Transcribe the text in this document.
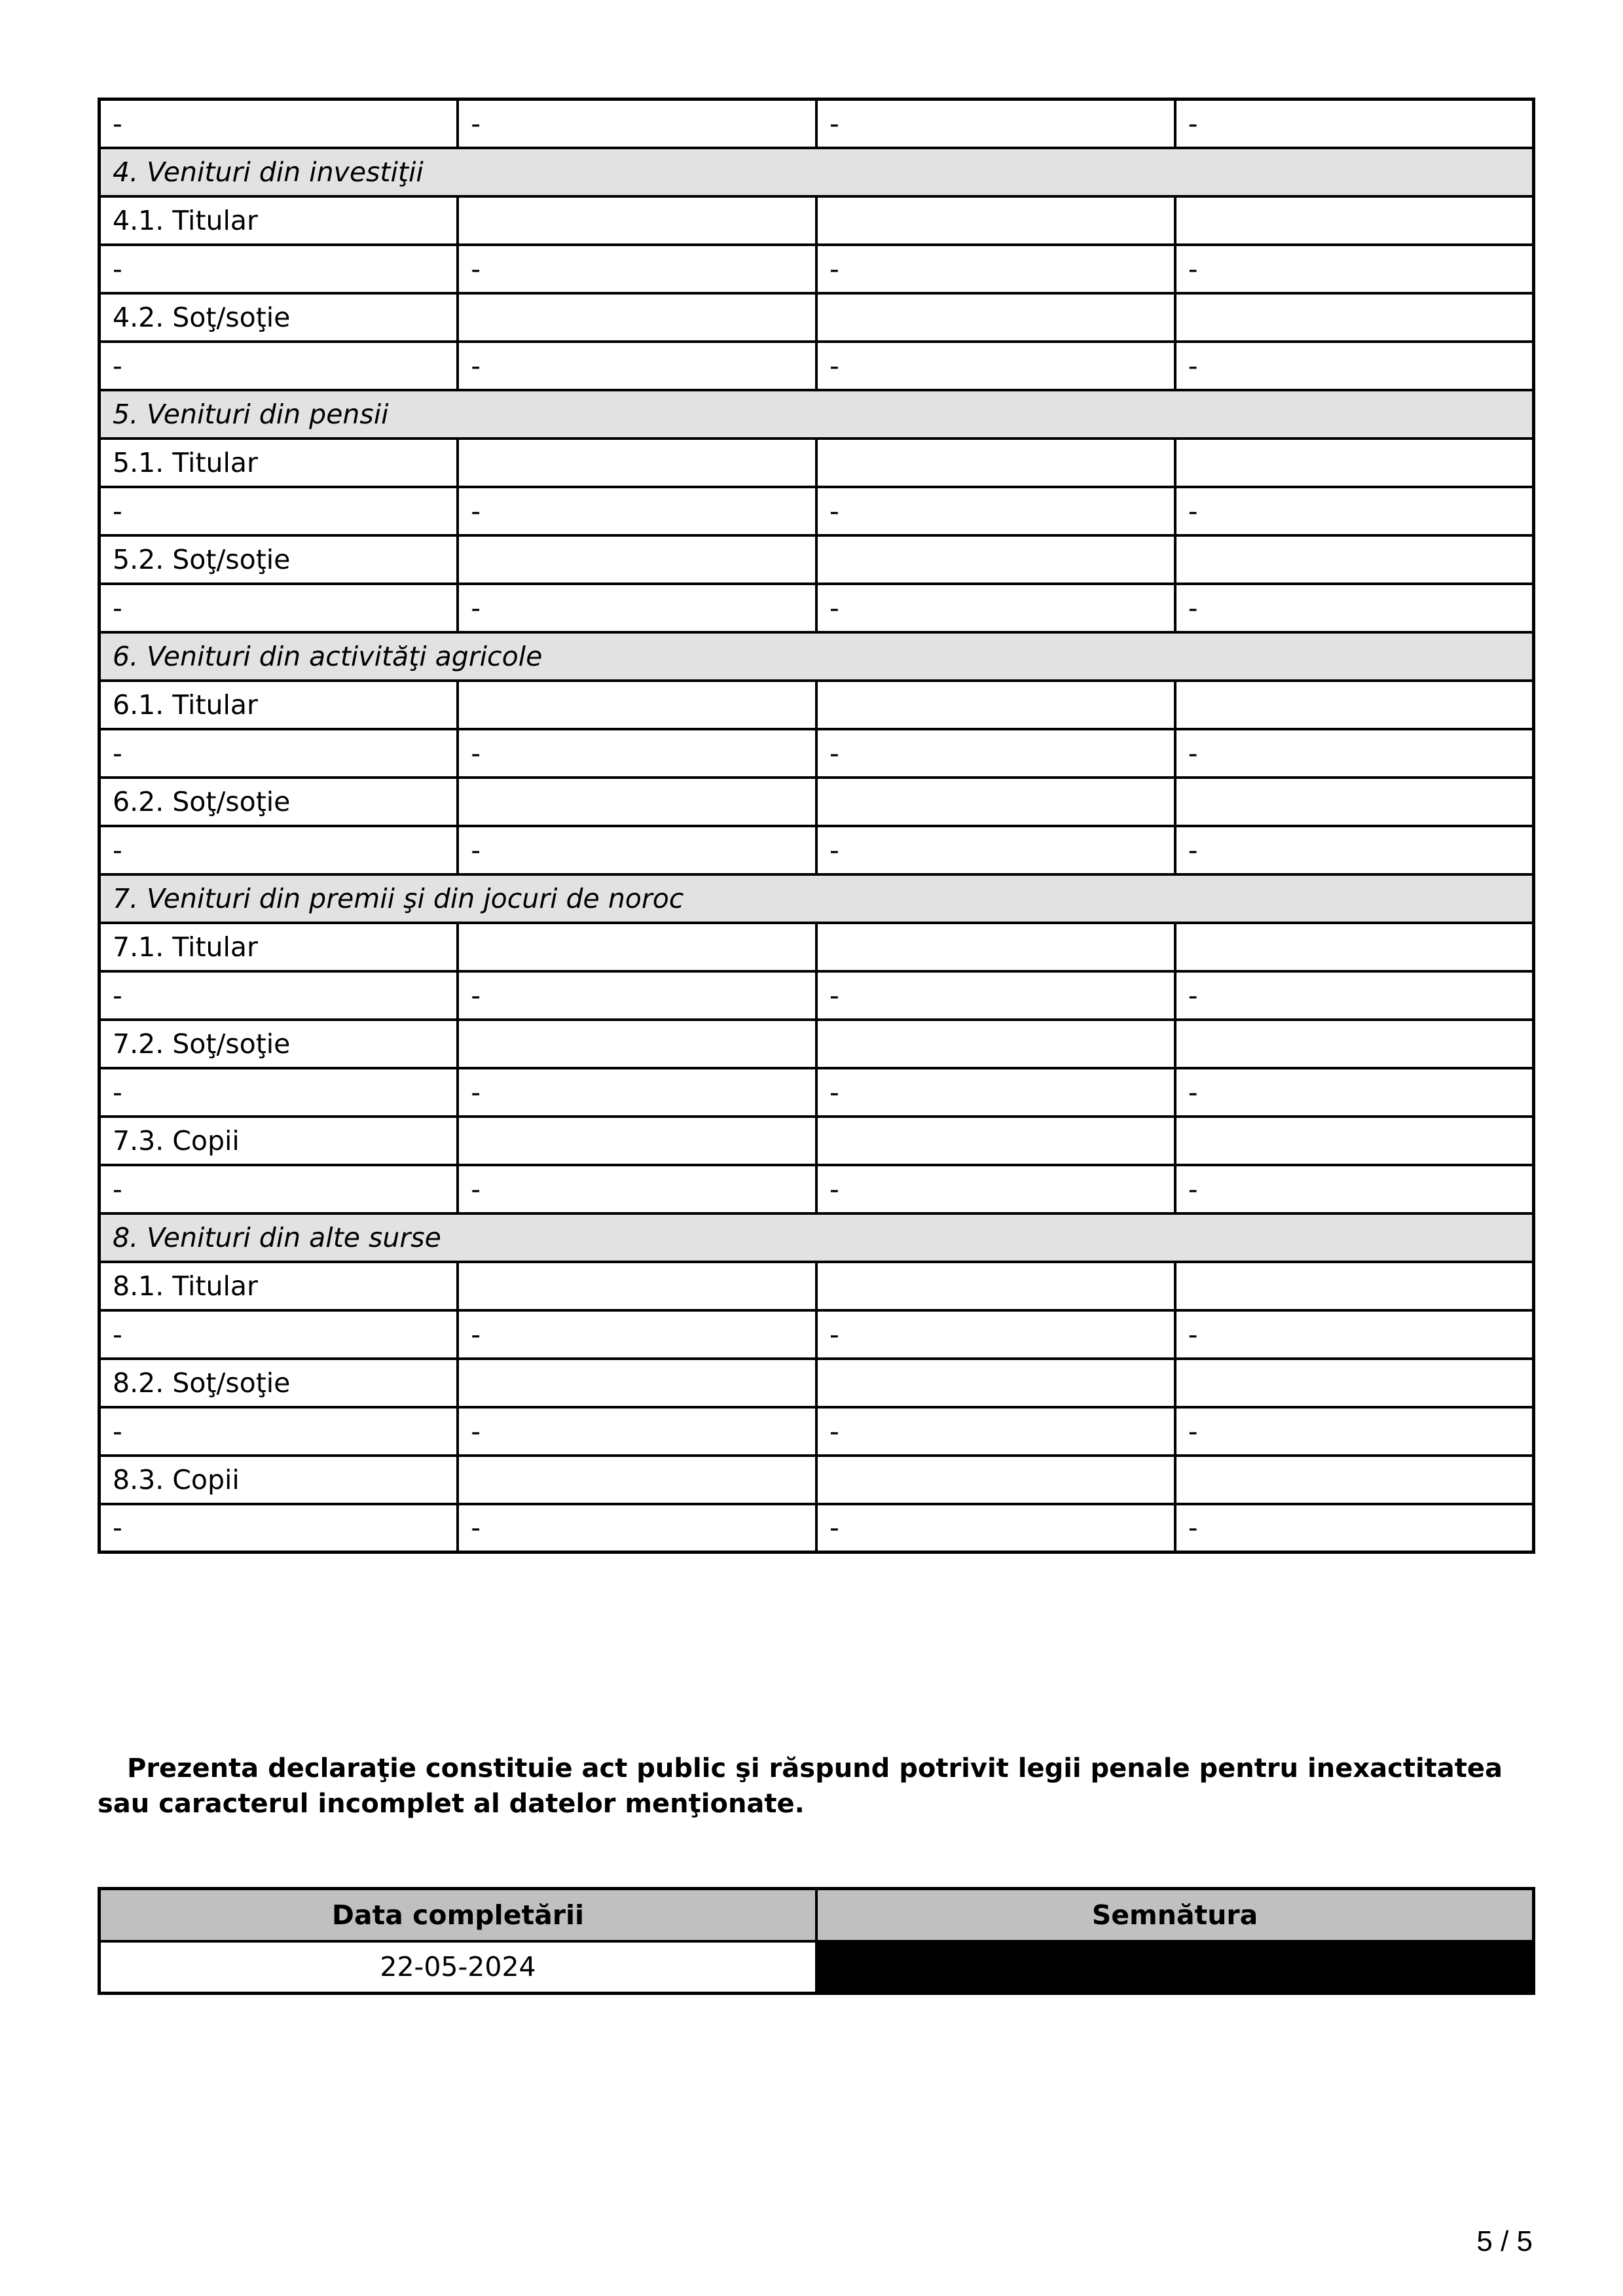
-	-	-	-
4. Venituri din investiţii			
4.1. Titular			
-	-	-	-
4.2. Soţ/soţie			
-	-	-	-
5. Venituri din pensii			
5.1. Titular			
-	-	-	-
5.2. Soţ/soţie			
-	-	-	-
6. Venituri din activităţi agricole			
6.1. Titular			
-	-	-	-
6.2. Soţ/soţie			
-	-	-	-
7. Venituri din premii şi din jocuri de noroc			
7.1. Titular			
-	-	-	-
7.2. Soţ/soţie			
-	-	-	-
7.3. Copii			
-	-	-	-
8. Venituri din alte surse			
8.1. Titular			
-	-	-	-
8.2. Soţ/soţie			
-	-	-	-
8.3. Copii			
-	-	-	-

Prezenta declaraţie constituie act public şi răspund potrivit legii penale pentru inexactitatea sau caracterul incomplet al datelor menţionate.

Data completării	Semnătura
22-05-2024	
5 / 5
